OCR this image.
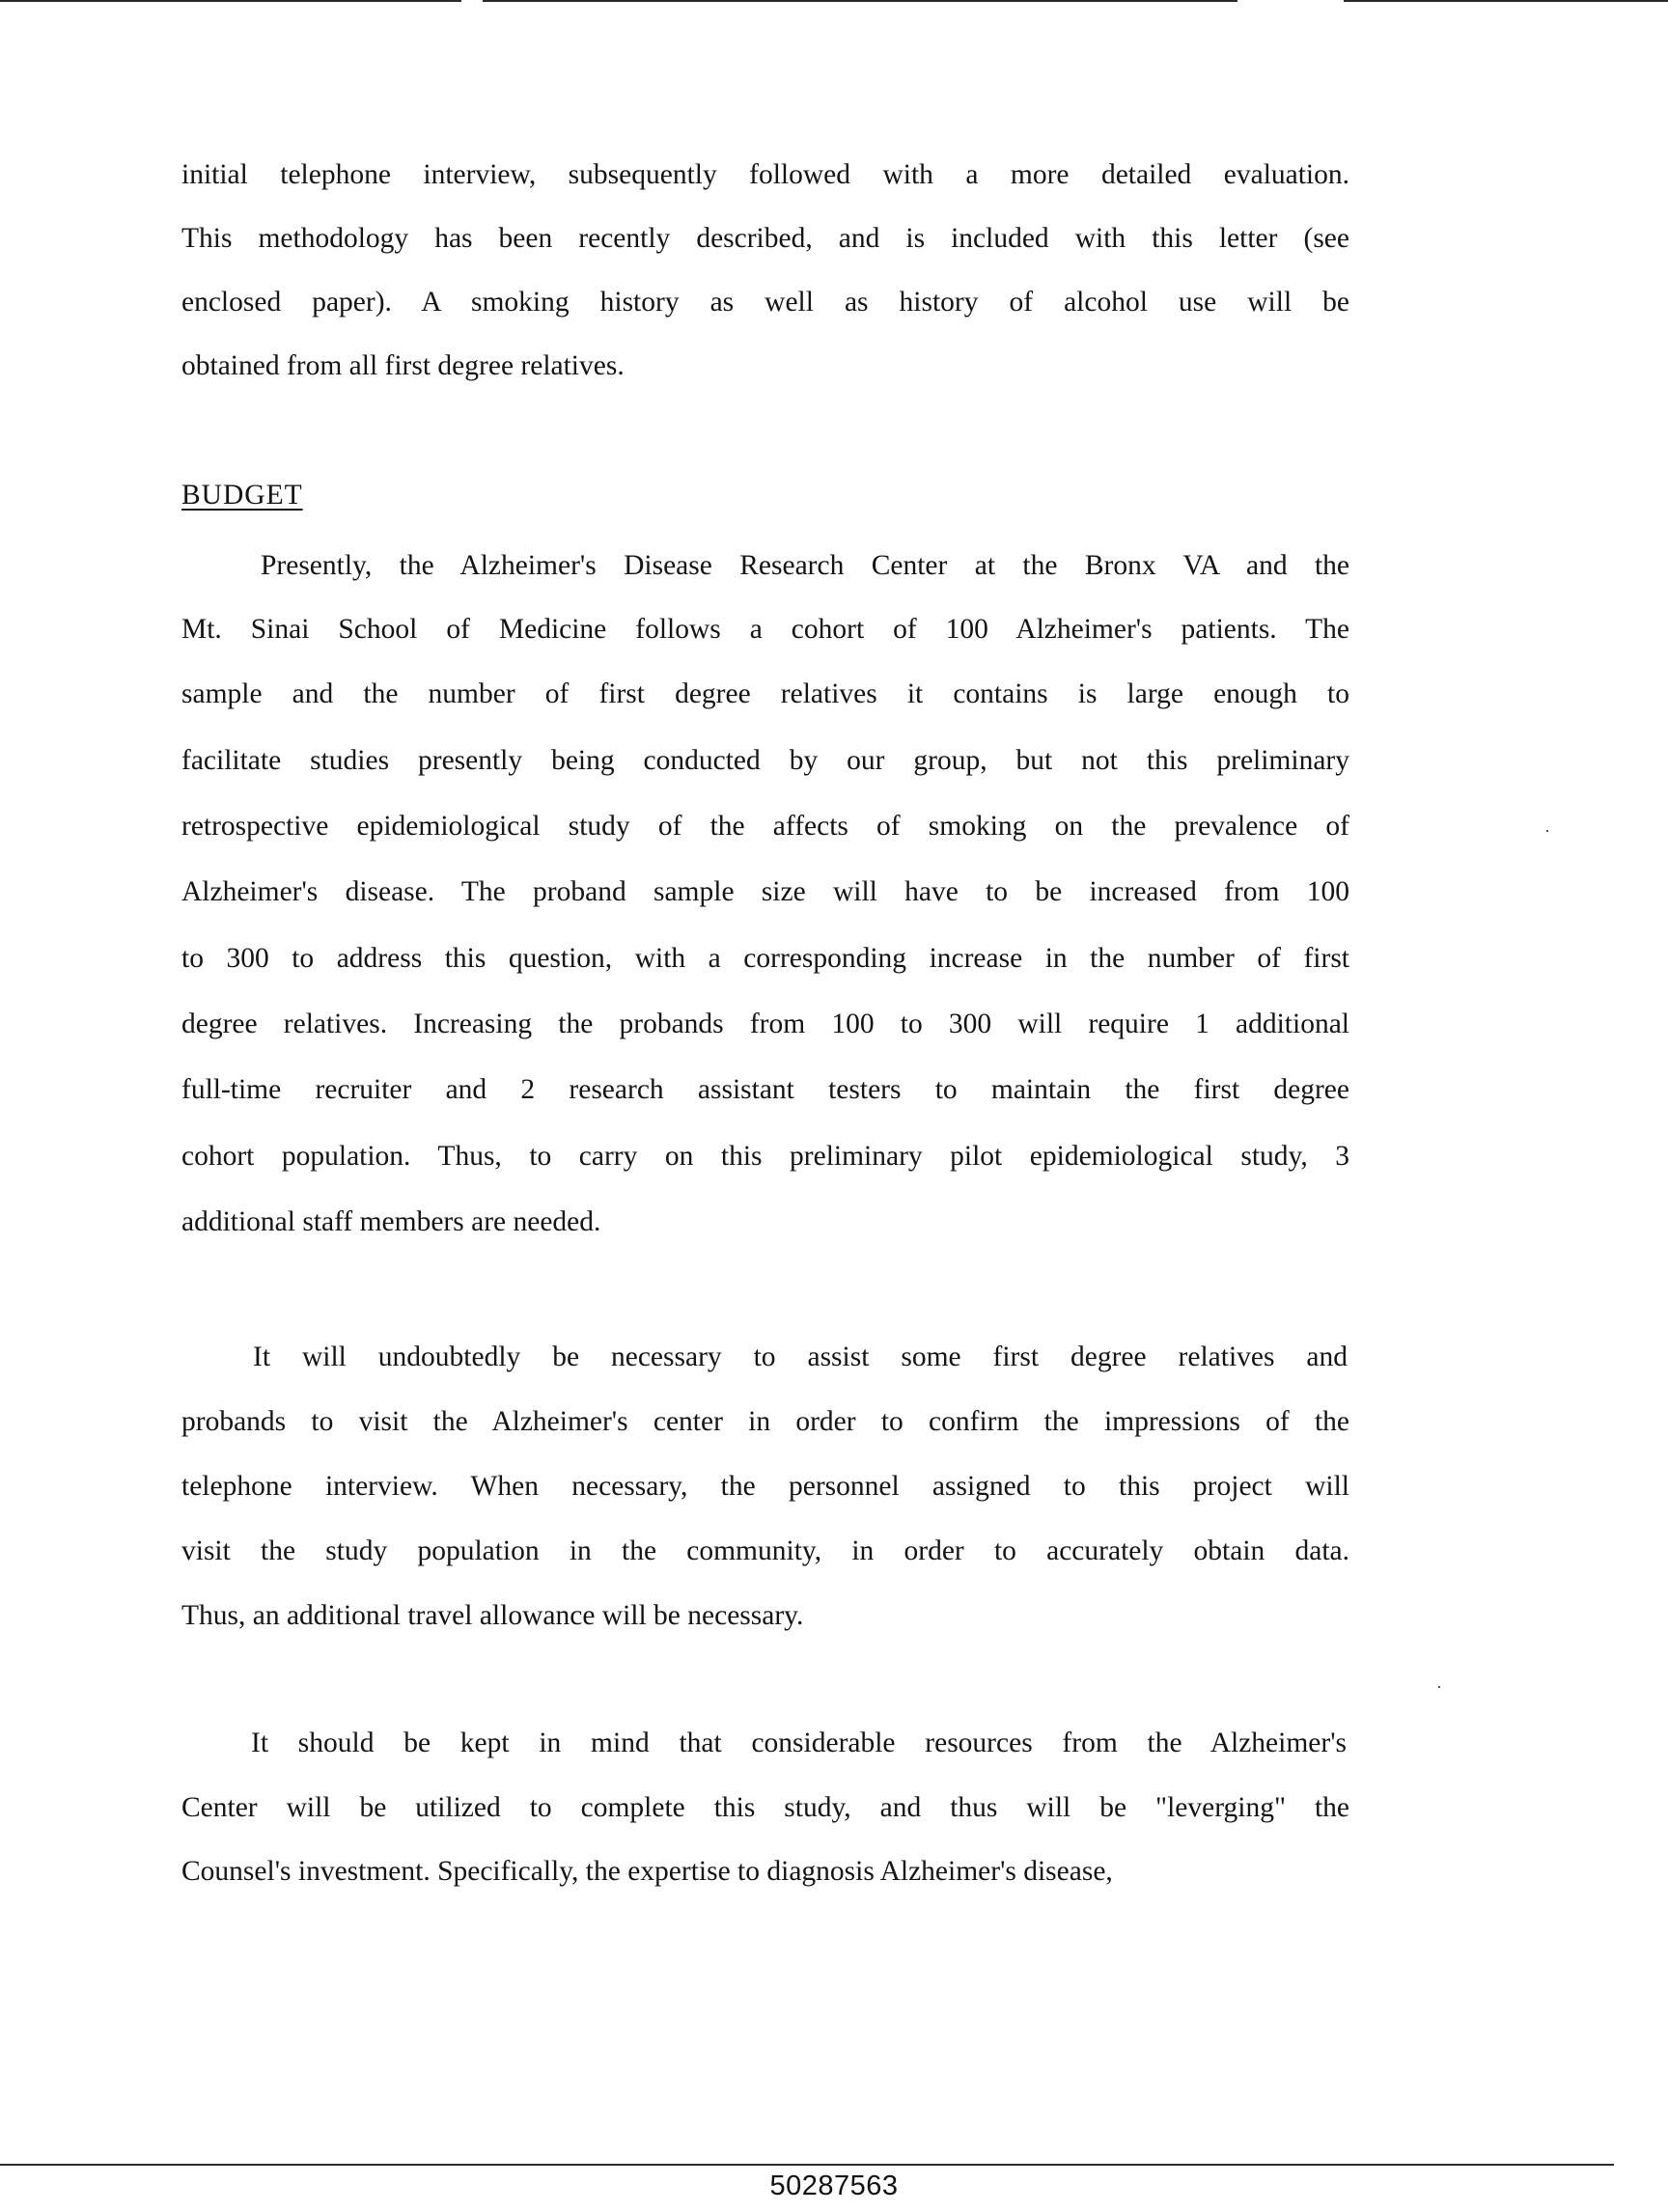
initial telephone interview, subsequently followed with a more detailed evaluation.

This methodology has been recently described, and is included with this letter (see

enclosed paper). A smoking history as well as history of alcohol use will be

obtained from all first degree relatives.

BUDGET

Presently, the Alzheimer's Disease Research Center at the Bronx VA and the

Mt. Sinai School of Medicine follows a cohort of 100 Alzheimer's patients. The

sample and the number of first degree relatives it contains is large enough to

facilitate studies presently being conducted by our group, but not this preliminary

retrospective epidemiological study of the affects of smoking on the prevalence of

Alzheimer's disease. The proband sample size will have to be increased from 100

to 300 to address this question, with a corresponding increase in the number of first

degree relatives. Increasing the probands from 100 to 300 will require 1 additional

full-time recruiter and 2 research assistant testers to maintain the first degree

cohort population. Thus, to carry on this preliminary pilot epidemiological study, 3

additional staff members are needed.

It will undoubtedly be necessary to assist some first degree relatives and

probands to visit the Alzheimer's center in order to confirm the impressions of the

telephone interview. When necessary, the personnel assigned to this project will

visit the study population in the community, in order to accurately obtain data.

Thus, an additional travel allowance will be necessary.

It should be kept in mind that considerable resources from the Alzheimer's

Center will be utilized to complete this study, and thus will be "leverging" the

Counsel's investment. Specifically, the expertise to diagnosis Alzheimer's disease,

50287563
